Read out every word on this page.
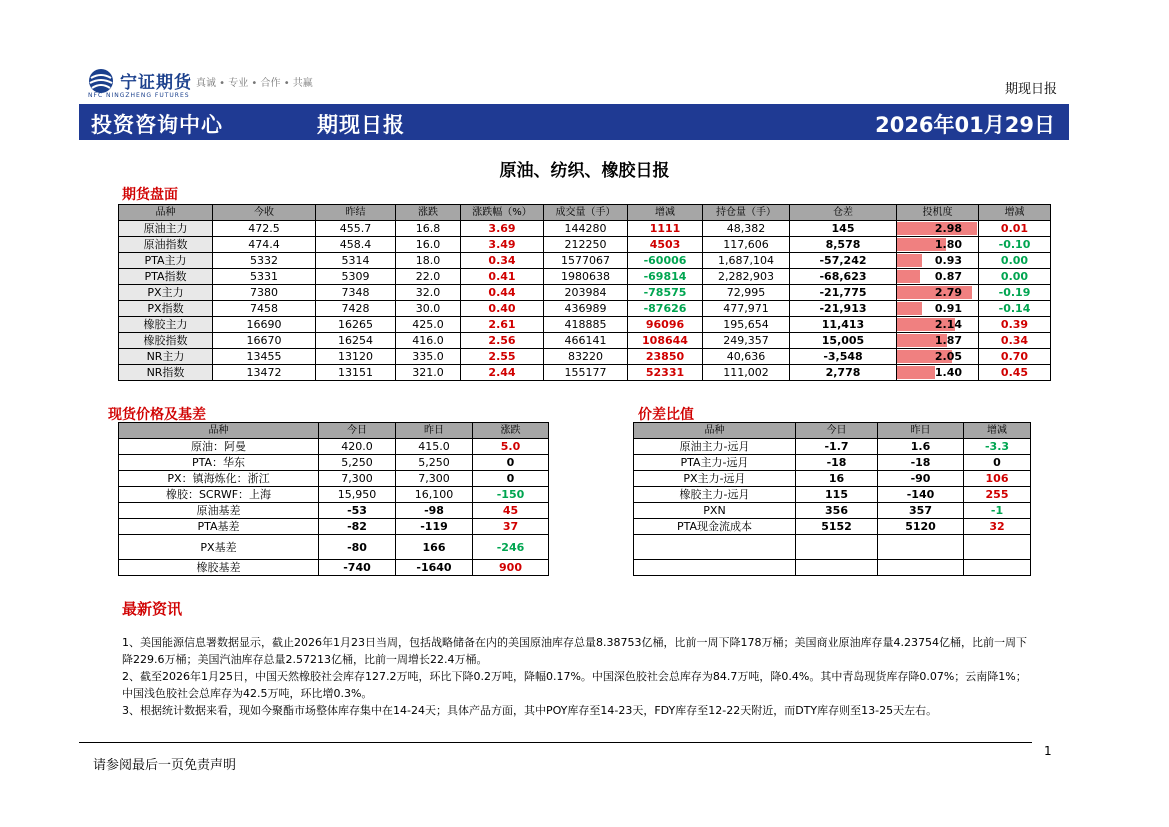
宁证期货 真诚 • 专业 • 合作 • 共赢
NFC NINGZHENG FUTURES	期现日报
投资咨询中心	期现日报	2026年01月29日
原油、纺织、橡胶日报
期货盘面
品种	今收	昨结	涨跌	涨跌幅（%）	成交量（手）	增减	持仓量（手）	仓差	投机度	增减
原油主力	472.5	455.7	16.8	3.69	144280	1111	48,382	145	2.98	0.01
原油指数	474.4	458.4	16.0	3.49	212250	4503	117,606	8,578	1.80	-0.10
PTA主力	5332	5314	18.0	0.34	1577067	-60006	1,687,104	-57,242	0.93	0.00
PTA指数	5331	5309	22.0	0.41	1980638	-69814	2,282,903	-68,623	0.87	0.00
PX主力	7380	7348	32.0	0.44	203984	-78575	72,995	-21,775	2.79	-0.19
PX指数	7458	7428	30.0	0.40	436989	-87626	477,971	-21,913	0.91	-0.14
橡胶主力	16690	16265	425.0	2.61	418885	96096	195,654	11,413	2.14	0.39
橡胶指数	16670	16254	416.0	2.56	466141	108644	249,357	15,005	1.87	0.34
NR主力	13455	13120	335.0	2.55	83220	23850	40,636	-3,548	2.05	0.70
NR指数	13472	13151	321.0	2.44	155177	52331	111,002	2,778	1.40	0.45
现货价格及基差
品种	今日	昨日	涨跌
原油：阿曼	420.0	415.0	5.0
PTA：华东	5,250	5,250	0
PX：镇海炼化：浙江	7,300	7,300	0
橡胶：SCRWF：上海	15,950	16,100	-150
原油基差	-53	-98	45
PTA基差	-82	-119	37
PX基差	-80	166	-246
橡胶基差	-740	-1640	900
价差比值
品种	今日	昨日	增减
原油主力-远月	-1.7	1.6	-3.3
PTA主力-远月	-18	-18	0
PX主力-远月	16	-90	106
橡胶主力-远月	115	-140	255
PXN	356	357	-1
PTA现金流成本	5152	5120	32

最新资讯

1、美国能源信息署数据显示，截止2026年1月23日当周，包括战略储备在内的美国原油库存总量8.38753亿桶，比前一周下降178万桶；美国商业原油库存量4.23754亿桶，比前一周下降229.6万桶；美国汽油库存总量2.57213亿桶，比前一周增长22.4万桶。

2、截至2026年1月25日，中国天然橡胶社会库存127.2万吨，环比下降0.2万吨，降幅0.17%。中国深色胶社会总库存为84.7万吨，降0.4%。其中青岛现货库存降0.07%；云南降1%；中国浅色胶社会总库存为42.5万吨，环比增0.3%。

3、根据统计数据来看，现如今聚酯市场整体库存集中在14-24天；具体产品方面，其中POY库存至14-23天，FDY库存至12-22天附近，而DTY库存则至13-25天左右。

1
请参阅最后一页免责声明
